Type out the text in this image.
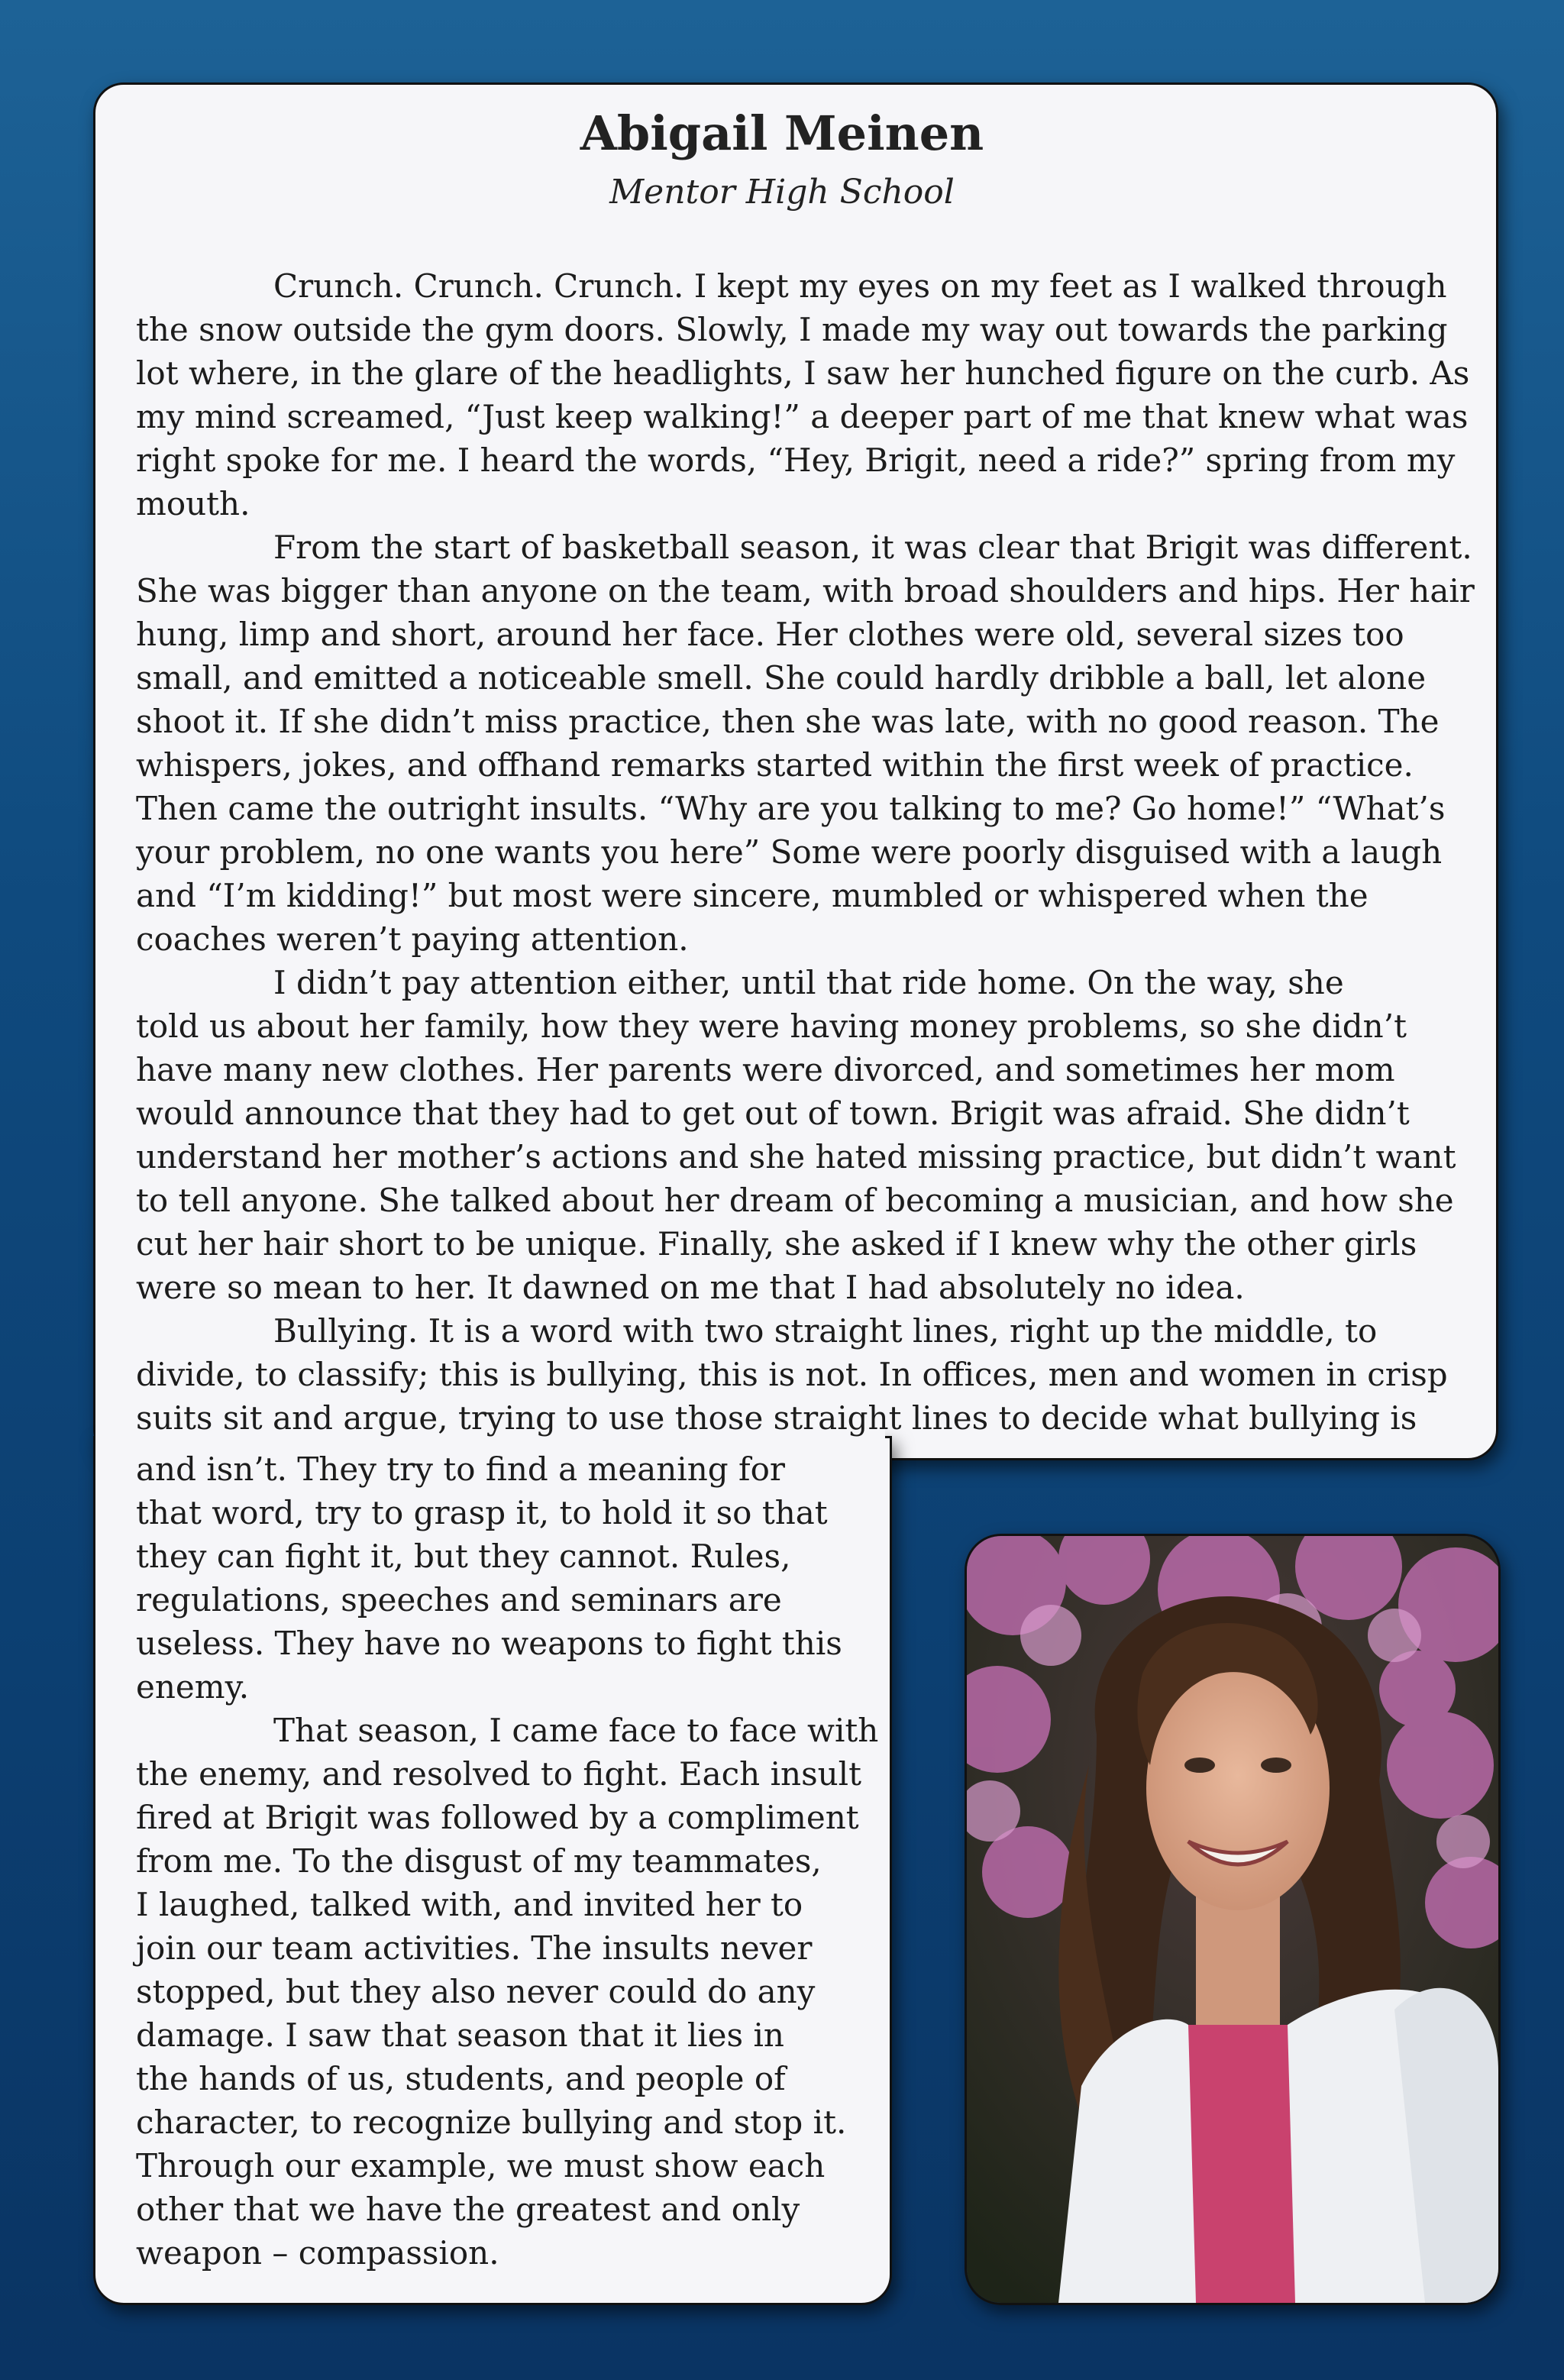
Abigail Meinen
Mentor High School
Crunch. Crunch. Crunch. I kept my eyes on my feet as I walked through
the snow outside the gym doors. Slowly, I made my way out towards the parking
lot where, in the glare of the headlights, I saw her hunched figure on the curb. As
my mind screamed, “Just keep walking!” a deeper part of me that knew what was
right spoke for me. I heard the words, “Hey, Brigit, need a ride?” spring from my
mouth.
From the start of basketball season, it was clear that Brigit was different.
She was bigger than anyone on the team, with broad shoulders and hips. Her hair
hung, limp and short, around her face. Her clothes were old, several sizes too
small, and emitted a noticeable smell. She could hardly dribble a ball, let alone
shoot it. If she didn’t miss practice, then she was late, with no good reason. The
whispers, jokes, and offhand remarks started within the first week of practice.
Then came the outright insults. “Why are you talking to me? Go home!” “What’s
your problem, no one wants you here” Some were poorly disguised with a laugh
and “I’m kidding!” but most were sincere, mumbled or whispered when the
coaches weren’t paying attention.
I didn’t pay attention either, until that ride home. On the way, she
told us about her family, how they were having money problems, so she didn’t
have many new clothes. Her parents were divorced, and sometimes her mom
would announce that they had to get out of town. Brigit was afraid. She didn’t
understand her mother’s actions and she hated missing practice, but didn’t want
to tell anyone. She talked about her dream of becoming a musician, and how she
cut her hair short to be unique. Finally, she asked if I knew why the other girls
were so mean to her. It dawned on me that I had absolutely no idea.
Bullying. It is a word with two straight lines, right up the middle, to
divide, to classify; this is bullying, this is not. In offices, men and women in crisp
suits sit and argue, trying to use those straight lines to decide what bullying is
and isn’t. They try to find a meaning for
that word, try to grasp it, to hold it so that
they can fight it, but they cannot. Rules,
regulations, speeches and seminars are
useless. They have no weapons to fight this
enemy.
That season, I came face to face with
the enemy, and resolved to fight. Each insult
fired at Brigit was followed by a compliment
from me. To the disgust of my teammates,
I laughed, talked with, and invited her to
join our team activities. The insults never
stopped, but they also never could do any
damage. I saw that season that it lies in
the hands of us, students, and people of
character, to recognize bullying and stop it.
Through our example, we must show each
other that we have the greatest and only
weapon – compassion.
